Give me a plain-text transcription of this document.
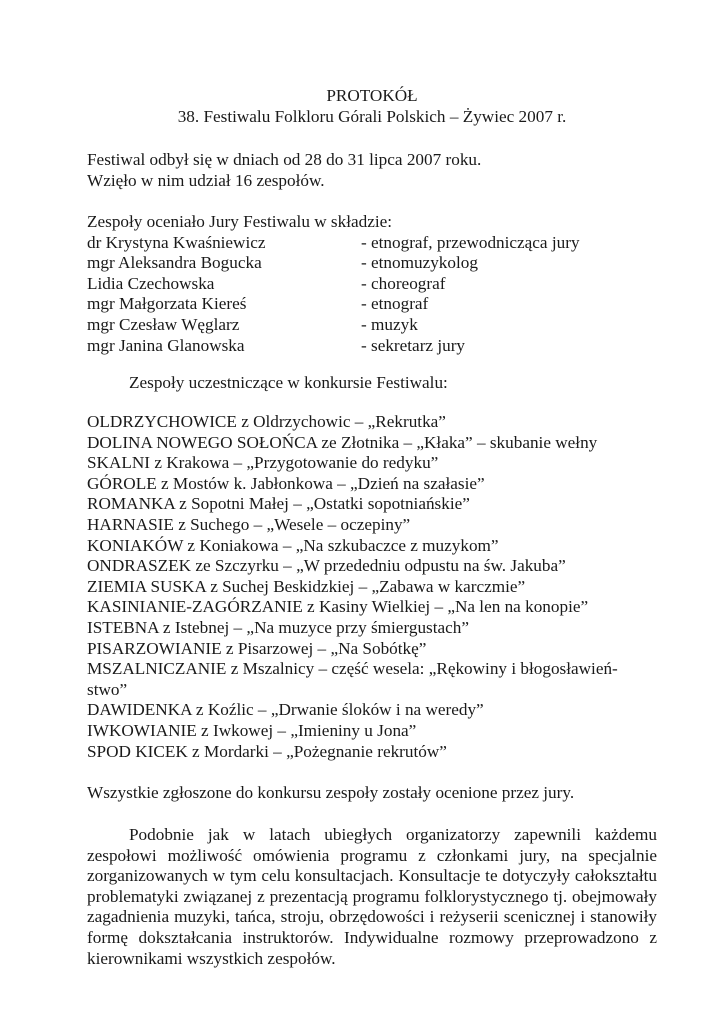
PROTOKÓŁ
38. Festiwalu Folkloru Górali Polskich – Żywiec 2007 r.
Festiwal odbył się w dniach od 28 do 31 lipca 2007 roku.
Wzięło w nim udział 16 zespołów.
Zespoły oceniało Jury Festiwalu w składzie:
dr Krystyna Kwaśniewicz	- etnograf, przewodnicząca jury
mgr Aleksandra Bogucka	- etnomuzykolog
Lidia Czechowska	- choreograf
mgr Małgorzata Kiereś	- etnograf
mgr Czesław Węglarz	- muzyk
mgr Janina Glanowska	- sekretarz jury
Zespoły uczestniczące w konkursie Festiwalu:
OLDRZYCHOWICE z Oldrzychowic – „Rekrutka”
DOLINA NOWEGO SOŁOŃCA ze Złotnika – „Kłaka” – skubanie wełny
SKALNI z Krakowa – „Przygotowanie do redyku”
GÓROLE z Mostów k. Jabłonkowa – „Dzień na szałasie”
ROMANKA z Sopotni Małej – „Ostatki sopotniańskie”
HARNASIE z Suchego – „Wesele – oczepiny”
KONIAKÓW z Koniakowa – „Na szkubaczce z muzykom”
ONDRASZEK ze Szczyrku – „W przededniu odpustu na św. Jakuba”
ZIEMIA SUSKA z Suchej Beskidzkiej – „Zabawa w karczmie”
KASINIANIE-ZAGÓRZANIE z Kasiny Wielkiej – „Na len na konopie”
ISTEBNA z Istebnej – „Na muzyce przy śmiergustach”
PISARZOWIANIE z Pisarzowej – „Na Sobótkę”
MSZALNICZANIE z Mszalnicy – część wesela: „Rękowiny i błogosławień-
stwo”
DAWIDENKA z Koźlic – „Drwanie śloków i na weredy”
IWKOWIANIE z Iwkowej – „Imieniny u Jona”
SPOD KICEK z Mordarki – „Pożegnanie rekrutów”
Wszystkie zgłoszone do konkursu zespoły zostały ocenione przez jury.
Podobnie jak w latach ubiegłych organizatorzy zapewnili każdemu zespołowi możliwość omówienia programu z członkami jury, na specjalnie zorganizowanych w tym celu konsultacjach. Konsultacje te dotyczyły całokształtu problematyki związanej z prezentacją programu folklorystycznego tj. obejmowały zagadnienia muzyki, tańca, stroju, obrzędowości i reżyserii scenicznej i stanowiły formę dokształcania instruktorów. Indywidualne rozmowy przeprowadzono z kierownikami wszystkich zespołów.
